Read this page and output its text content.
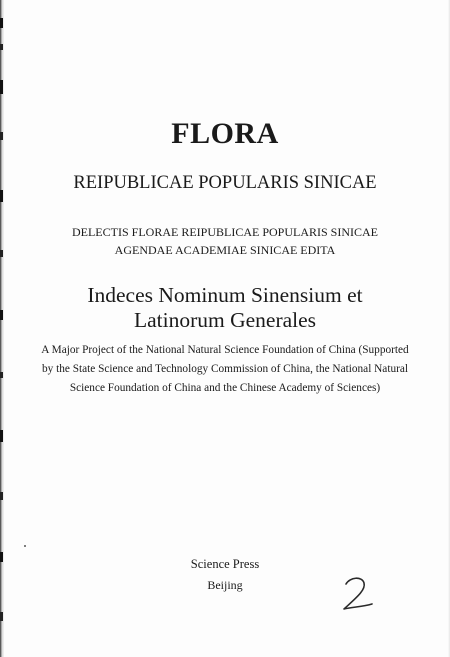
FLORA
REIPUBLICAE POPULARIS SINICAE
DELECTIS FLORAE REIPUBLICAE POPULARIS SINICAE
AGENDAE ACADEMIAE SINICAE EDITA
Indeces Nominum Sinensium et
Latinorum Generales
A Major Project of the National Natural Science Foundation of China (Supported
by the State Science and Technology Commission of China, the National Natural
Science Foundation of China and the Chinese Academy of Sciences)
Science Press
Beijing
